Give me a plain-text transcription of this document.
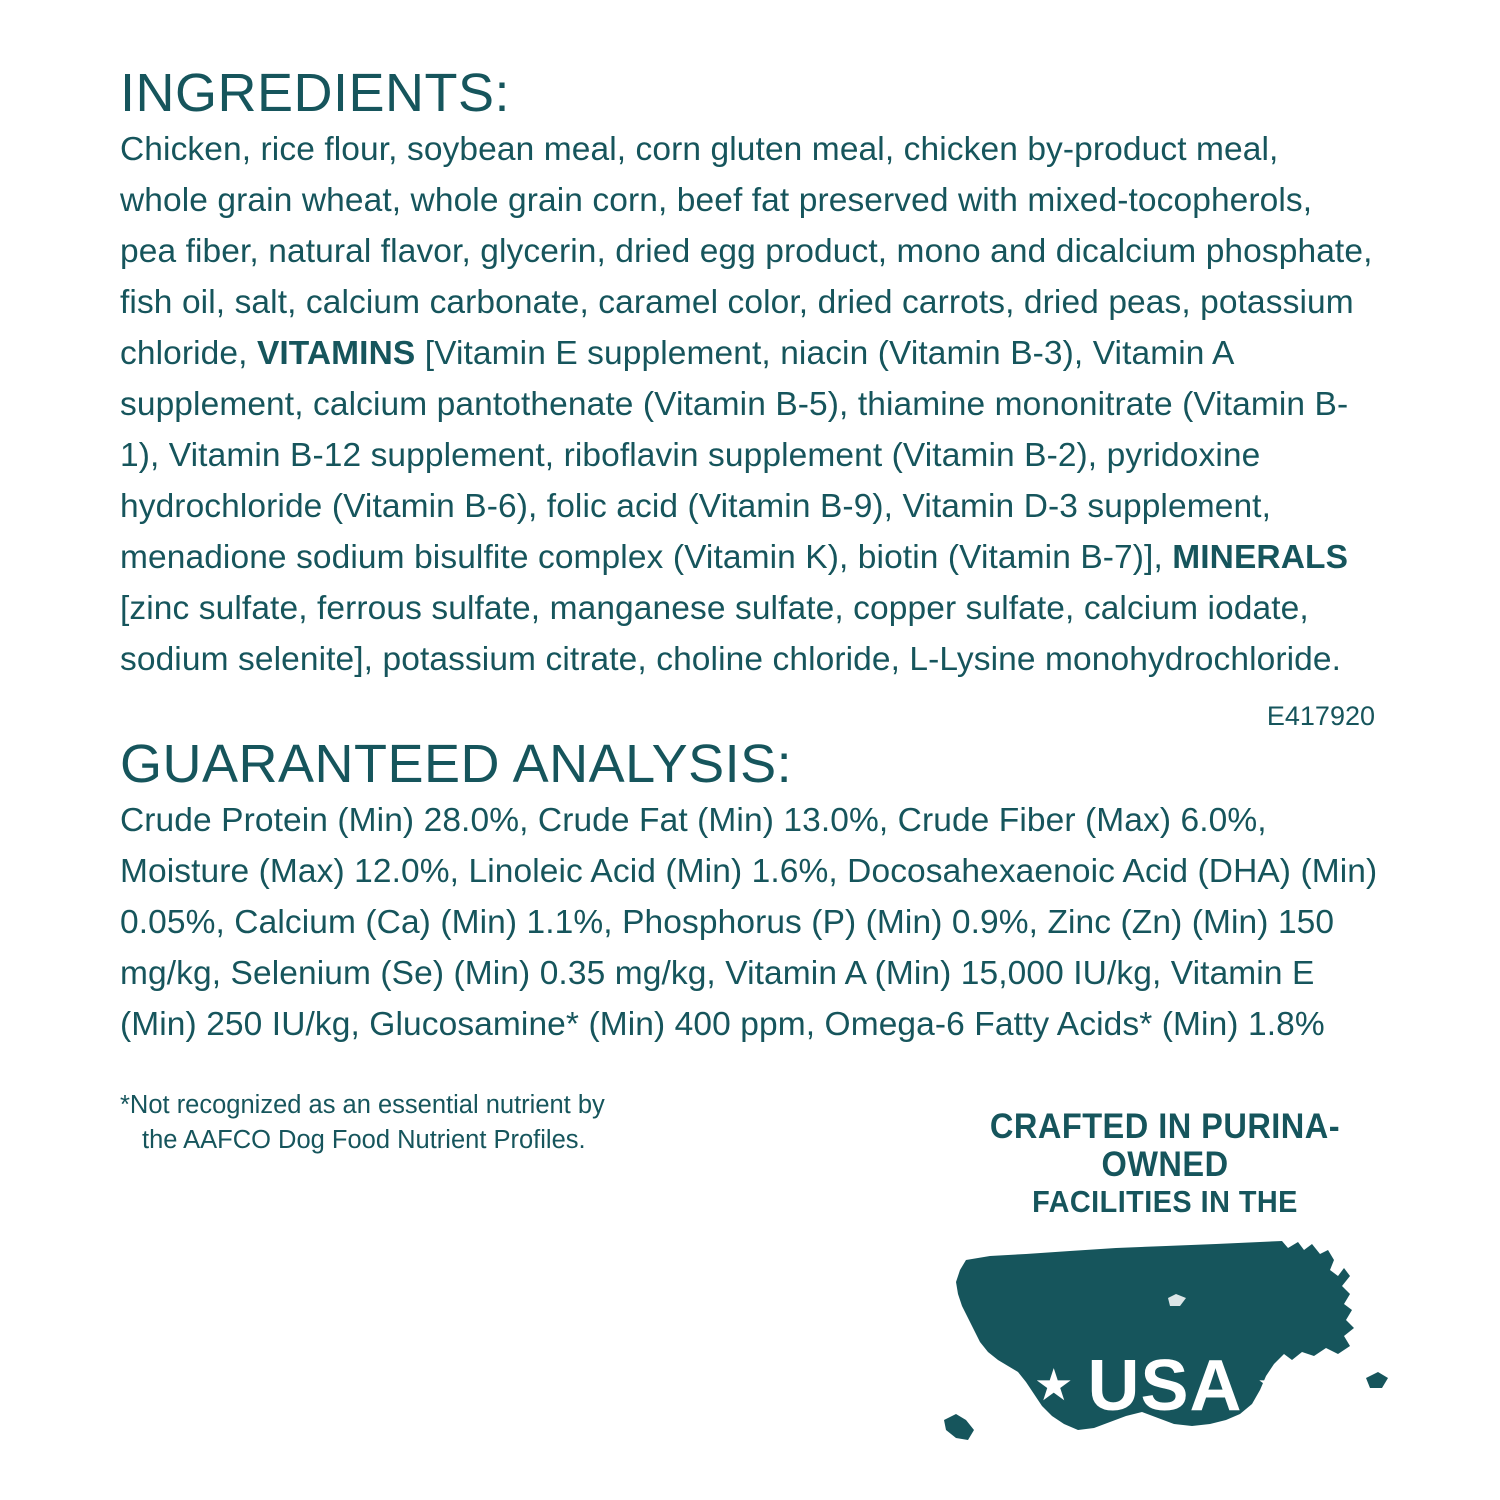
INGREDIENTS:
Chicken, rice flour, soybean meal, corn gluten meal, chicken by-product meal, whole grain wheat, whole grain corn, beef fat preserved with mixed-tocopherols, pea fiber, natural flavor, glycerin, dried egg product, mono and dicalcium phosphate, fish oil, salt, calcium carbonate, caramel color, dried carrots, dried peas, potassium chloride, VITAMINS [Vitamin E supplement, niacin (Vitamin B-3), Vitamin A supplement, calcium pantothenate (Vitamin B-5), thiamine mononitrate (Vitamin B-1), Vitamin B-12 supplement, riboflavin supplement (Vitamin B-2), pyridoxine hydrochloride (Vitamin B-6), folic acid (Vitamin B-9), Vitamin D-3 supplement, menadione sodium bisulfite complex (Vitamin K), biotin (Vitamin B-7)], MINERALS [zinc sulfate, ferrous sulfate, manganese sulfate, copper sulfate, calcium iodate, sodium selenite], potassium citrate, choline chloride, L-Lysine monohydrochloride.
E417920
GUARANTEED ANALYSIS:
Crude Protein (Min) 28.0%, Crude Fat (Min) 13.0%, Crude Fiber (Max) 6.0%, Moisture (Max) 12.0%, Linoleic Acid (Min) 1.6%, Docosahexaenoic Acid (DHA) (Min) 0.05%, Calcium (Ca) (Min) 1.1%, Phosphorus (P) (Min) 0.9%, Zinc (Zn) (Min) 150 mg/kg, Selenium (Se) (Min) 0.35 mg/kg, Vitamin A (Min) 15,000 IU/kg, Vitamin E (Min) 250 IU/kg, Glucosamine* (Min) 400 ppm, Omega-6 Fatty Acids* (Min) 1.8%
*Not recognized as an essential nutrient by
the AAFCO Dog Food Nutrient Profiles.	CRAFTED IN PURINA-OWNED
FACILITIES IN THE
★ USA ★
